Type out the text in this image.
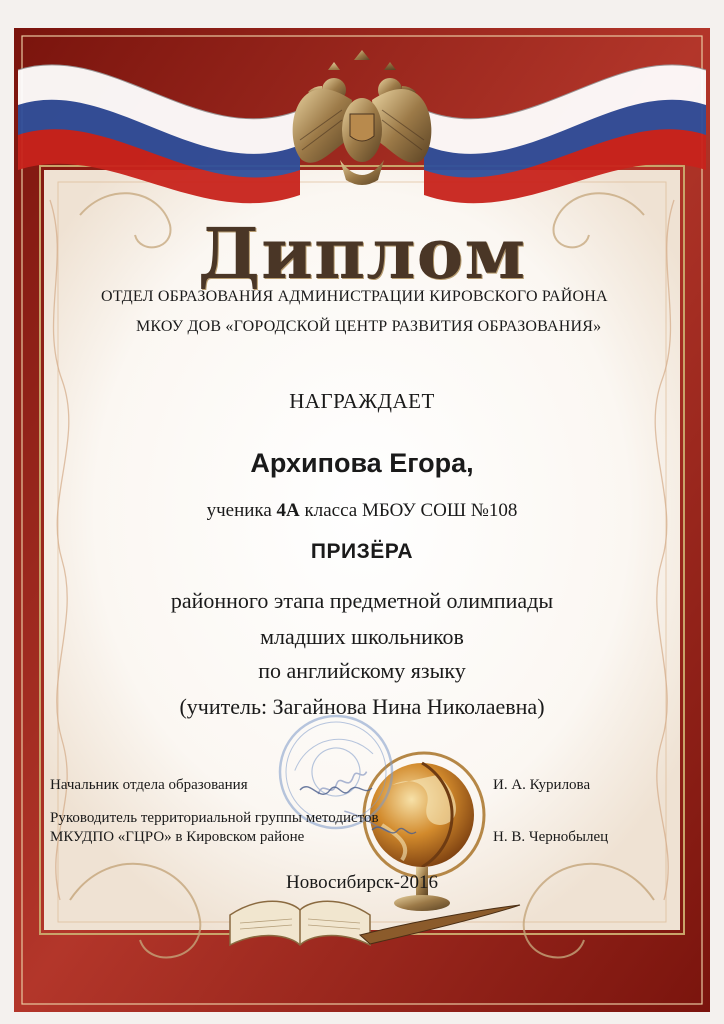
Диплом
ОТДЕЛ ОБРАЗОВАНИЯ АДМИНИСТРАЦИИ КИРОВСКОГО РАЙОНА
МКОУ ДОВ «ГОРОДСКОЙ ЦЕНТР РАЗВИТИЯ ОБРАЗОВАНИЯ»
НАГРАЖДАЕТ
Архипова Егора,
ученика 4А класса МБОУ СОШ №108
ПРИЗЁРА
районного этапа предметной олимпиады
младших школьников
по английскому языку
(учитель: Загайнова Нина Николаевна)
Начальник отдела образования	И. А. Курилова
Руководитель территориальной группы методистов
МКУДПО «ГЦРО» в Кировском районе	Н. В. Чернобылец
Новосибирск-2016
